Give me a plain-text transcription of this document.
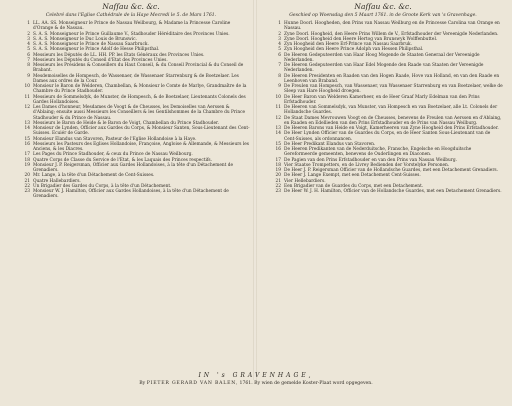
Naſſau &c. &c.
Celebré dans l'Eglise Cathédrale de la Haye Mecredi le 5. de Mars 1761.
1 LL. AA. SS. Monseigneur le Prince de Nassau Weilbourg, & Madame la Princesse Caroline d'Orange & de Nassau.
2 S. A. S. Monseigneur le Prince Guillaume V., Stadhouder Héréditaire des Provinces Unies.
3 S. A. S. Monseigneur le Duc Louis de Brunswic.
4 S. A. S. Monseigneur le Prince de Nassau Saarbruck.
5 S. A. S. Monseigneur le Prince Adolf de Hesse Philipsthal.
6 Messieurs les Députés de LL. HH. PP. les Etats Généraux des Provinces Unies.
7 Messieurs les Députés du Conseil d'Etat des Provinces Unies.
8 Messieurs les Présidens & Conseillers du Haut Conseil, & du Conseil Provincial & du Conseil de Brabant.
9 Mesdemoiselles de Hompesch, de Wassenaer, de Wassenaer Starrenburg & de Boetzelaer. Les Dames aux ordres de la Cour.
10 Monsieur le Baron de Welderen, Chambellan, & Monsieur le Comte de Marlye, Grandmaître de la Chambre du Prince Stadhouder.
11 Messieurs de Sommelsdyk, de Munster, de Hompesch, & de Boetzelaer, Lieutenants Colonels des Gardes Hollandoises.
12 Les Dames d'honneur, Mesdames de Voogt & de Cheusses, les Demoiselles van Aerssen & d'Ablaing; ensuite aussi Messieurs les Conseillers & les Gentilshommes de la Chambre du Prince Stadhouder & du Prince de Nassau.
13 Messieurs le Baron de Heide & le Baron de Voigt, Chambellan du Prince Stadhouder.
14 Monsieur de Lynden, Officier aux Gardes du Corps, & Monsieur Santen, Sous-Lieutenant des Cent-Suisses. Ecuiér de Garde.
15 Monsieur Elandus van Stavoren, Pasteur de l'Eglise Hollandoise à la Haye.
16 Messieurs les Pasteurs des Eglises Hollandoise, Françoise, Angloise & Allemande, & Messieurs les Anciens, & les Diacres.
17 Les Pages du Prince Stadhouder, & ceux du Prince de Nassau Weilbourg.
18 Quatre Corps de Classe du Service de l'Etat, & les Laquais des Princes respectifs.
19 Monsieur J. P. Reigersman, Officier aux Gardes Hollandoises, à la tête d'un Détachement de Grenadiers.
20 Mr. Lange, à la tête d'un Détachement de Cent-Suisses.
21 Quatre Hallebardiers.
22 Un Brigadier des Gardes du Corps, à la tête d'un Détachement.
23 Monsieur W. J. Hamilton, Officier aux Gardes Hollandoises, à la tête d'un Détachement de Grenadiers.
Naſſau &c. &c.
Geschied op Woensdag den 5 Maart 1761. in de Groote Kerk van 's Gravenhage.
1 Hunne Doorl. Hoogheden, den Prins van Nassau Weilburg en de Princesse Carolina van Orange en Nassau.
2 Zyne Doorl. Hoogheid, den Heere Prins Willem de V., Erfstadhouder der Vereenigde Nederlanden.
3 Zyne Doorl. Hoogheid den Heere Hertog van Brunswyk Wolffenbuttel.
4 Zyn Hoogheid den Heere Erf-Prince van Nassau Saarbruk.
5 Zyn Hoogheid den Heere Prince Adolph van Hessen Philipsthal.
6 De Heeren Gedeputeerden van Haar Hoog Mogende de Staaten Generaal der Vereenigde Nederlanden.
7 De Heeren Gedeputeerden van Haar Edel Mogende den Raade van Staaten der Vereenigde Nederlanden.
8 De Heeren Presidenten en Raaden van den Hogen Raade, Hove van Holland, en van den Raade en Leenhoven van Braband.
9 De Freulen van Hompesch, van Wassenaer, van Wassenaer Starrenburg en van Boetzelaer, welke de Sleep van Hare Hoogheid droegen.
10 De Heer Baron van Welderen Kamerheer, en de Heer Graaf Marly Edelman van den Prins Erfstadhouder.
11 De Heeren van Sommelsdyk, van Munster, van Hompesch en van Boetzelaer, alle Lt. Colonels der Hollandsche Guardes.
12 De Staat Dames Mevrouwen Voogt en de Cheusses, benevens de Freulen van Aerssen en d'Ablaing, en Raaden en Edellieden van den Prins Erfstadhouder en de Prins van Nassau Weilburg.
13 De Heeren Barons van Heide en Voigt, Kamerheeren van Zyne Hoogheid den Prins Erfstadhouder.
14 De Heer Lynden Officier van de Guardes du Corps, en de Heer Santen Sous-Lieutenant van de Cent-Suisses, als ordonnancen.
15 De Heer Predikant Elandus van Stavoren.
16 De Heeren Predikanten van de Nederduitsche, Fransche, Engelsche en Hoogduitsche Gereformeerde gemeenten, benevens de Ouderlingen en Diaconen.
17 De Pagien van den Prins Erfstadhouder en van den Prins van Nassau Weilburg.
18 Vier Staatse Trompetters, en de Livrey Bedienden der Vorstelyke Personen.
19 De Heer J. P. Reigersman Officier van de Hollandsche Guardes, met een Detachement Grenadiers.
20 De Heer J. Lange Exempt, met een Detachement Cent-Suisses.
21 Vier Hellebardiers.
22 Een Brigadier van de Guardes du Corps, met een Detachement.
23 De Heer W. J. H. Hamilton, Officier van de Hollandsche Guardes, met een Detachement Grenadiers.
IN 's GRAVENHAGE,
By PIETER GERARD VAN BALEN, 1761. By wien de gemelde Koster-Plaat word opgegeven.
